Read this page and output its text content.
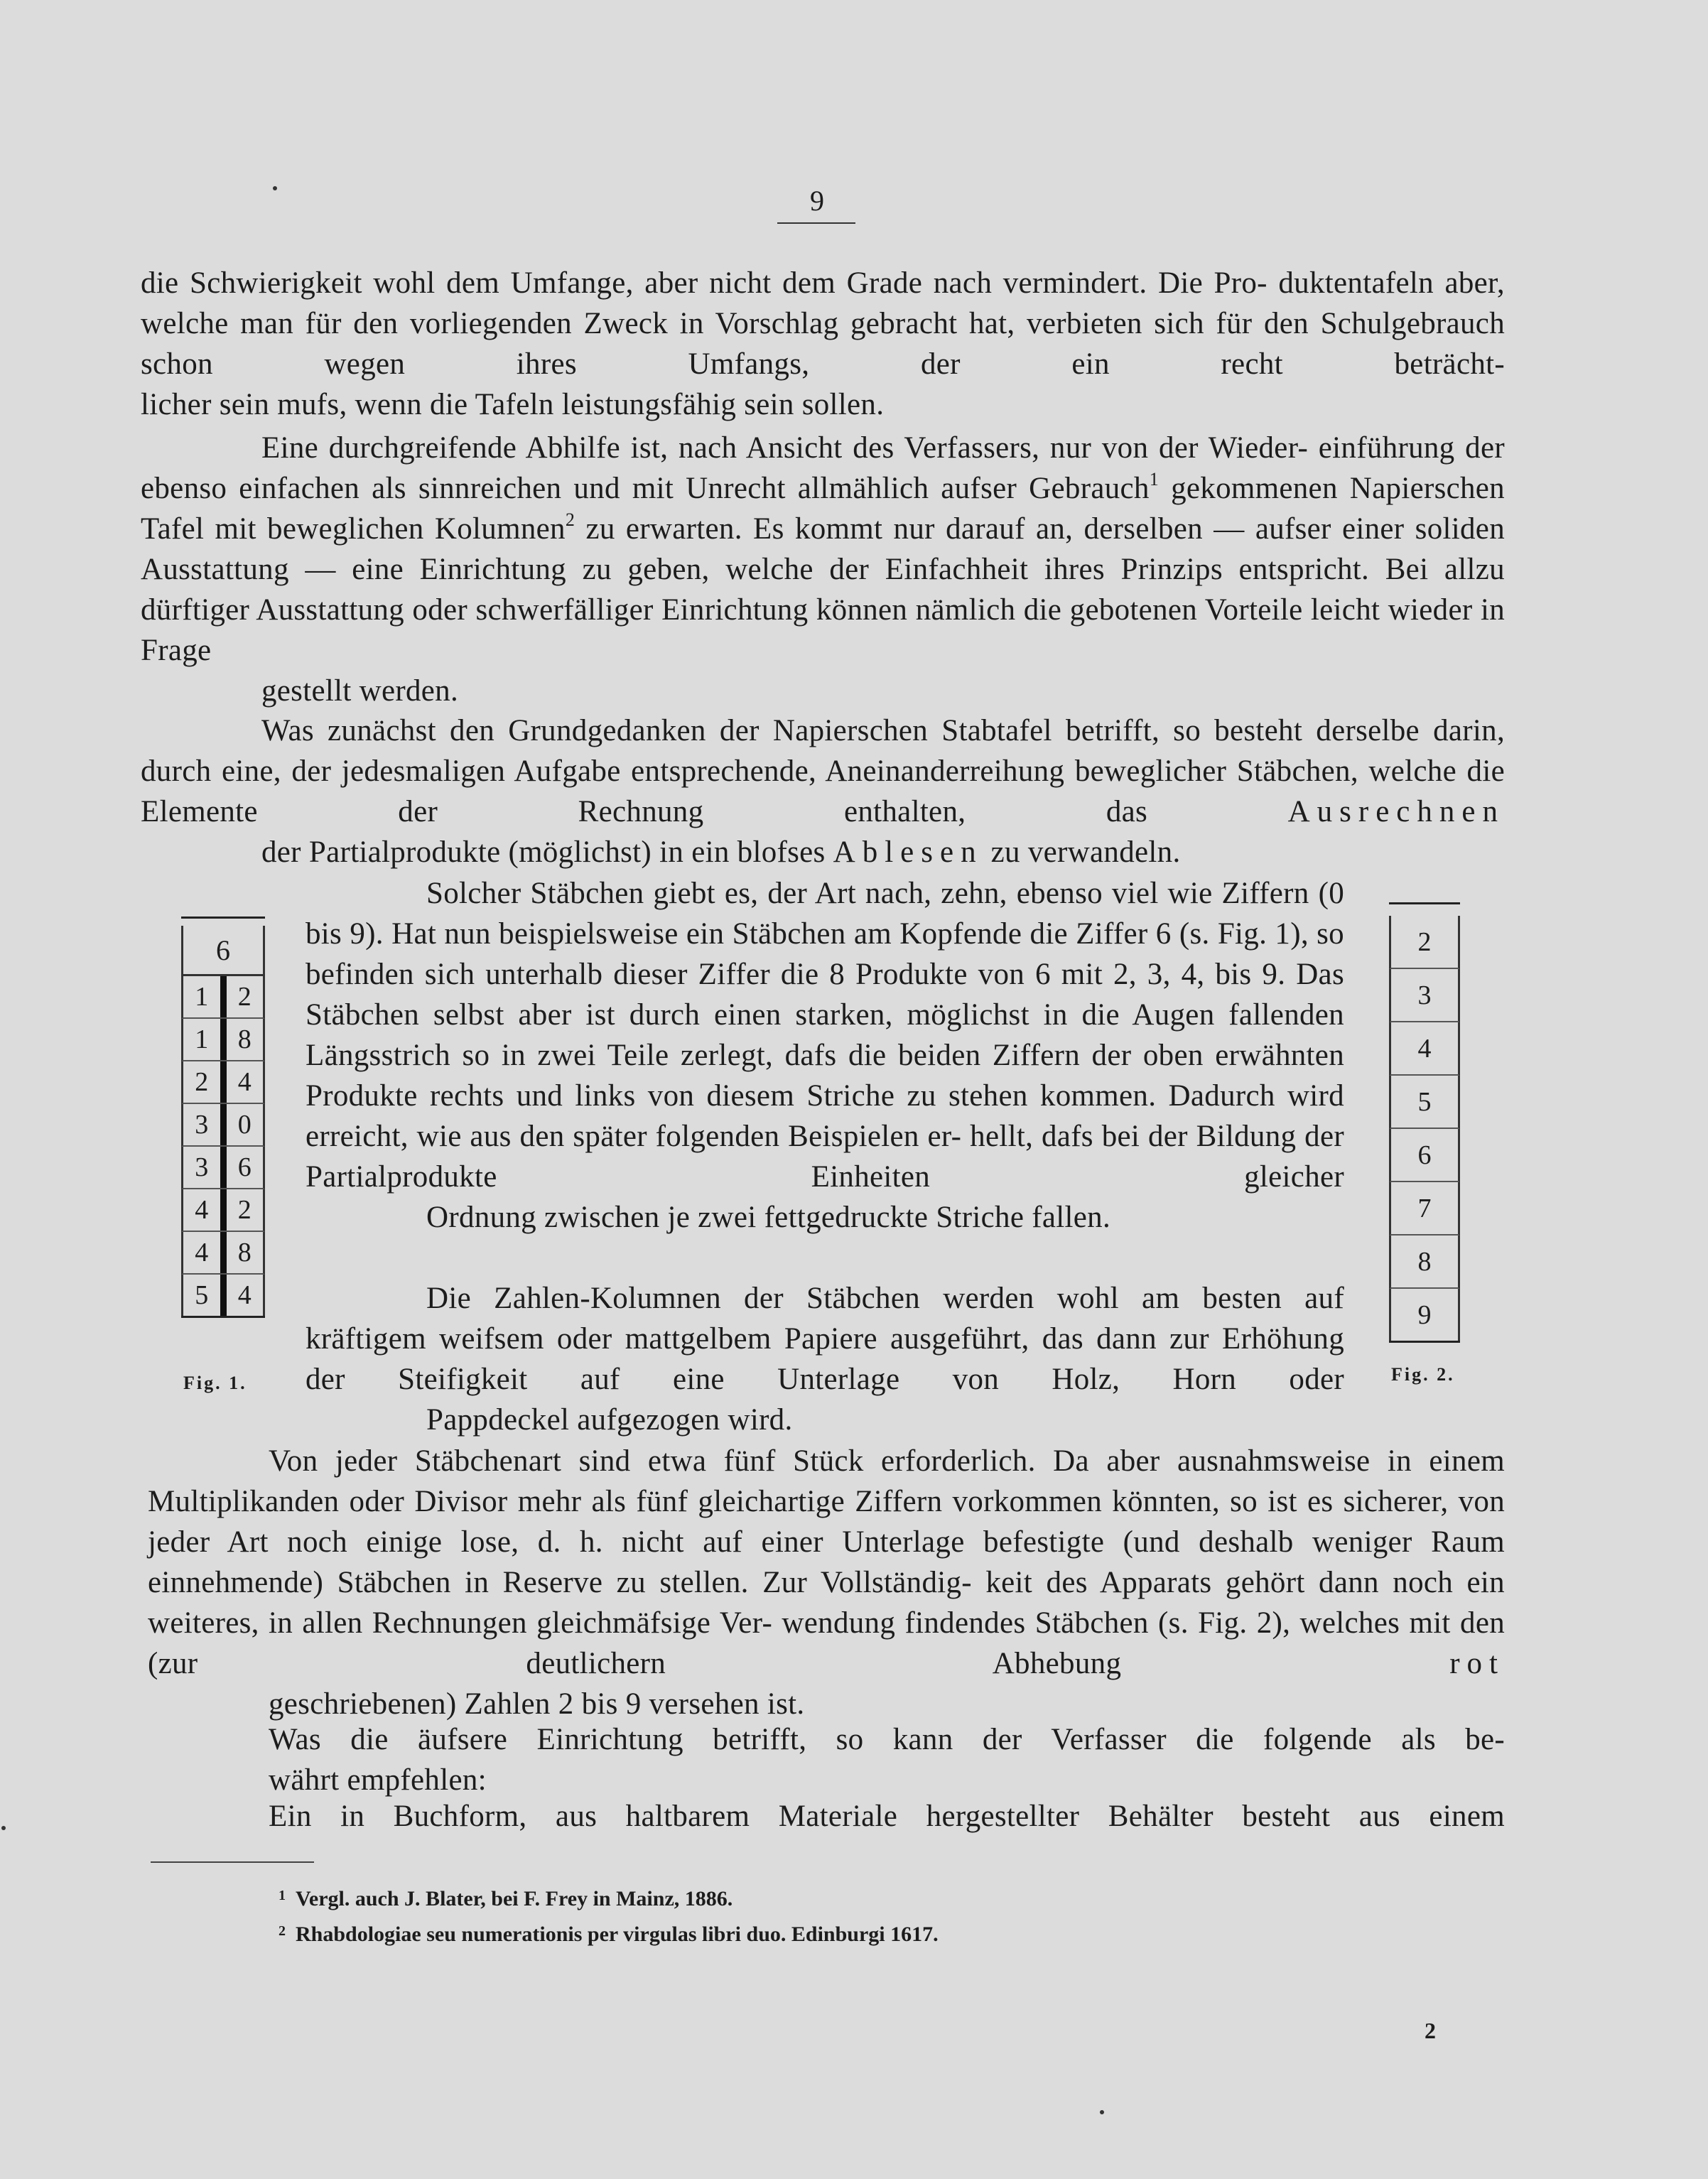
9

die Schwierigkeit wohl dem Umfange, aber nicht dem Grade nach vermindert. Die Pro- duktentafeln aber, welche man für den vorliegenden Zweck in Vorschlag gebracht hat, verbieten sich für den Schulgebrauch schon wegen ihres Umfangs, der ein recht beträcht-
licher sein mufs, wenn die Tafeln leistungsfähig sein sollen.

Eine durchgreifende Abhilfe ist, nach Ansicht des Verfassers, nur von der Wieder- einführung der ebenso einfachen als sinnreichen und mit Unrecht allmählich aufser Gebrauch$^1$ gekommenen Napierschen Tafel mit beweglichen Kolumnen$^2$ zu erwarten. Es kommt nur darauf an, derselben — aufser einer soliden Ausstattung — eine Einrichtung zu geben, welche der Einfachheit ihres Prinzips entspricht. Bei allzu dürftiger Ausstattung oder schwerfälliger Einrichtung können nämlich die gebotenen Vorteile leicht wieder in Frage
gestellt werden.

Was zunächst den Grundgedanken der Napierschen Stabtafel betrifft, so besteht derselbe darin, durch eine, der jedesmaligen Aufgabe entsprechende, Aneinanderreihung beweglicher Stäbchen, welche die Elemente der Rechnung enthalten, das	Ausrechnen
der Partialprodukte (möglichst) in ein blofses Ablesen zu verwandeln.

6
1	2
1	8
2	4
3	0
3	6
4	2
4	8
5	4
Fig. 1.

Solcher Stäbchen giebt es, der Art nach, zehn, ebenso viel wie Ziffern (0 bis 9). Hat nun beispielsweise ein Stäbchen am Kopfende die Ziffer 6 (s. Fig. 1), so befinden sich unterhalb dieser Ziffer die 8 Produkte von 6 mit 2, 3, 4, bis 9. Das Stäbchen selbst aber ist durch einen starken, möglichst in die Augen fallenden Längsstrich so in zwei Teile zerlegt, dafs die beiden Ziffern der oben erwähnten Produkte rechts und links von diesem Striche zu stehen kommen. Dadurch wird erreicht, wie aus den später folgenden Beispielen er- hellt, dafs bei der Bildung der Partialprodukte Einheiten gleicher
Ordnung zwischen je zwei fettgedruckte Striche fallen.

Die Zahlen-Kolumnen der Stäbchen werden wohl am besten auf kräftigem weifsem oder mattgelbem Papiere ausgeführt, das dann zur Erhöhung der Steifigkeit auf eine Unterlage von Holz, Horn oder
Pappdeckel aufgezogen wird.

2
3
4
5
6
7
8
9
Fig. 2.

Von jeder Stäbchenart sind etwa fünf Stück erforderlich. Da aber ausnahmsweise in einem Multiplikanden oder Divisor mehr als fünf gleichartige Ziffern vorkommen könnten, so ist es sicherer, von jeder Art noch einige lose, d. h. nicht auf einer Unterlage befestigte (und deshalb weniger Raum einnehmende) Stäbchen in Reserve zu stellen. Zur Vollständig- keit des Apparats gehört dann noch ein weiteres, in allen Rechnungen gleichmäfsige Ver- wendung findendes Stäbchen (s. Fig. 2), welches mit den (zur deutlichern Abhebung	rot
geschriebenen) Zahlen 2 bis 9 versehen ist.

Was die äufsere Einrichtung betrifft, so kann der Verfasser die folgende als be-
währt empfehlen:

Ein in Buchform, aus haltbarem Materiale hergestellter Behälter besteht aus einem

$^1$ Vergl. auch J. Blater, bei F. Frey in Mainz, 1886.
$^2$ Rhabdologiae seu numerationis per virgulas libri duo. Edinburgi 1617.
2
